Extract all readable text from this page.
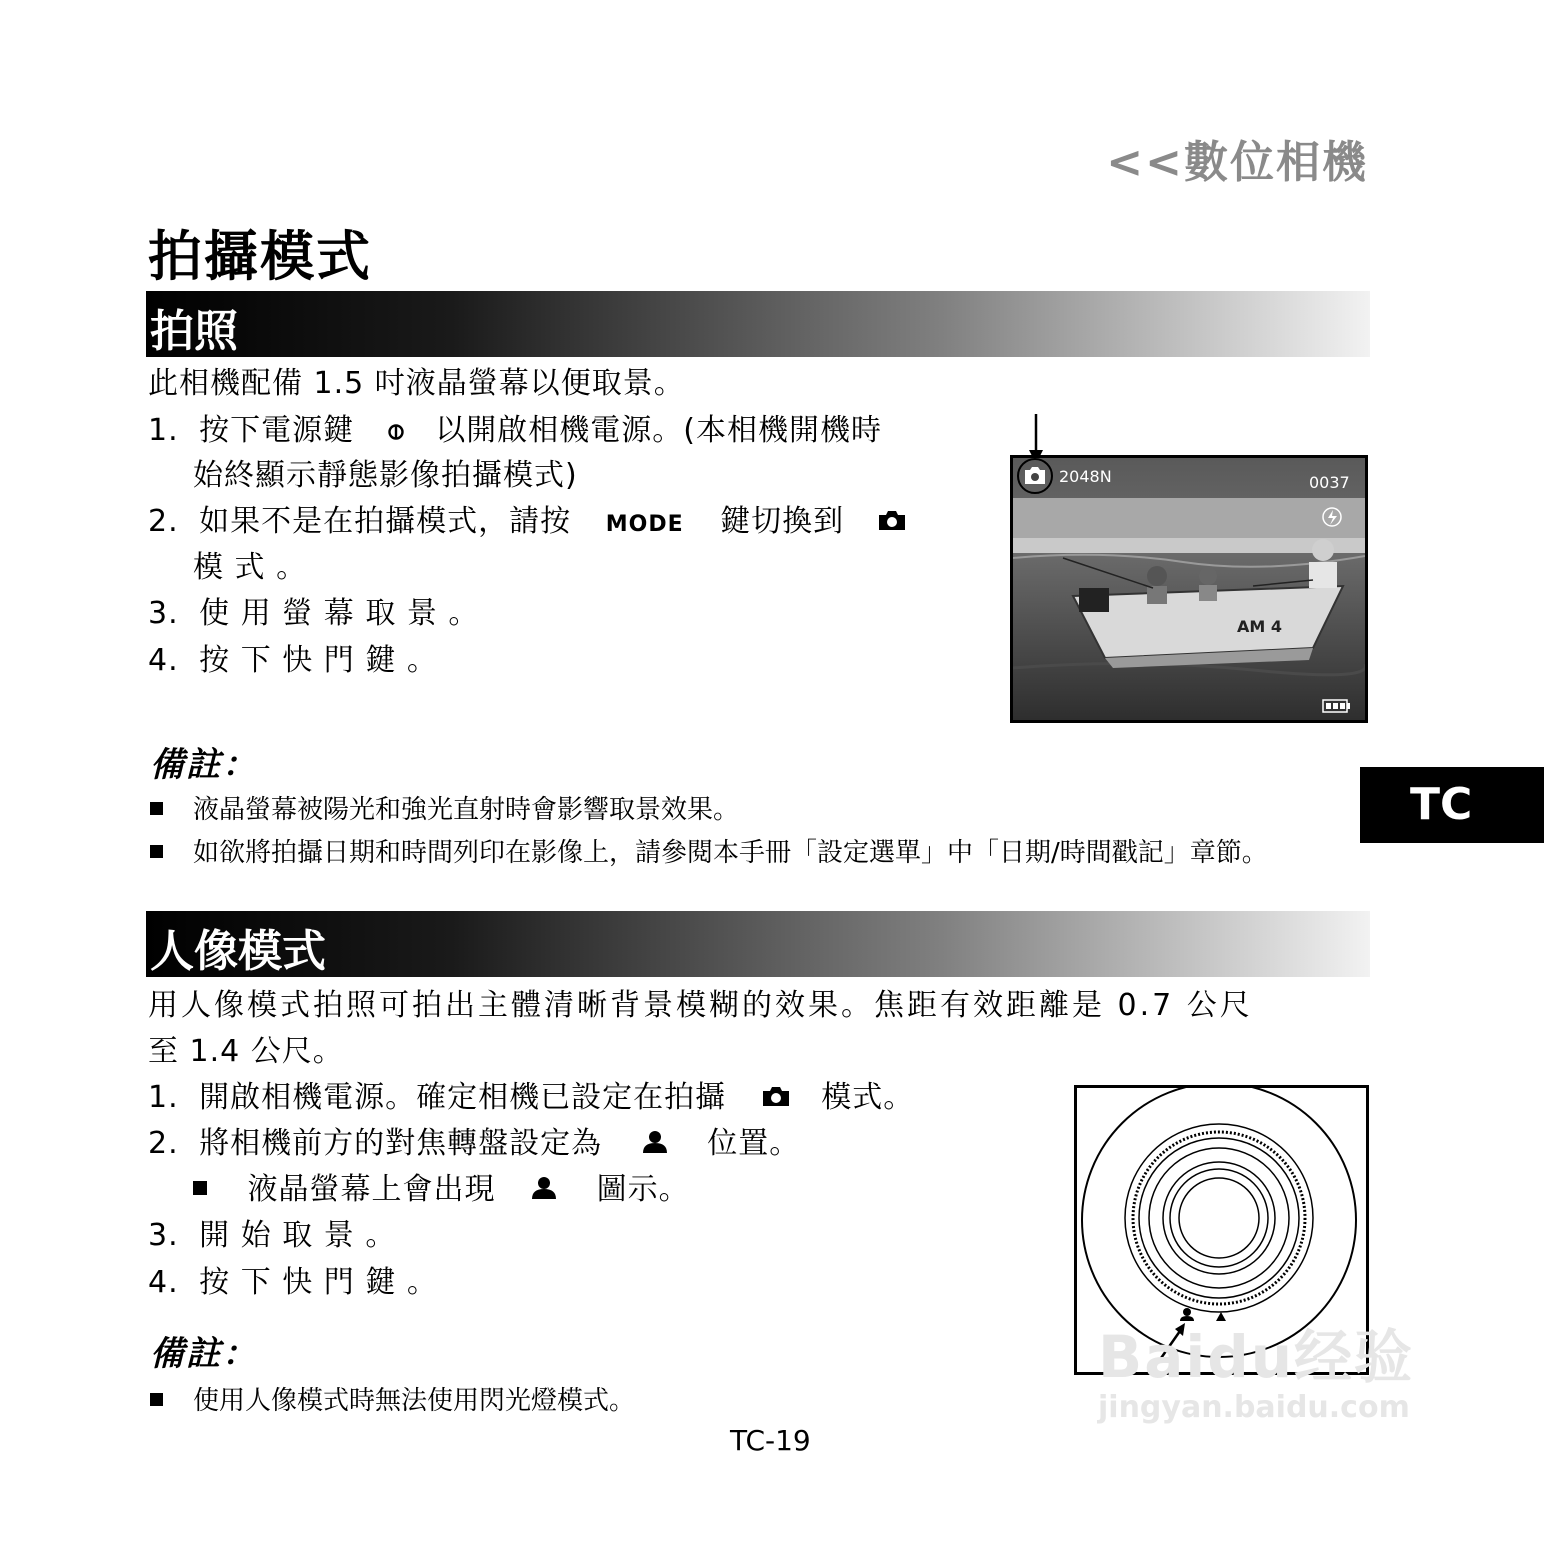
<<數位相機
拍攝模式
拍照
此相機配備 1.5 吋液晶螢幕以便取景。
1. 按下電源鍵	以開啟相機電源。(本相機開機時
始終顯示靜態影像拍攝模式)
2. 如果不是在拍攝模式，請按 MODE 鍵切換到
模 式 。
3. 使 用 螢 幕 取 景 。
4. 按 下 快 門 鍵 。
AM 4
2048N	0037
備註：
液晶螢幕被陽光和強光直射時會影響取景效果。
如欲將拍攝日期和時間列印在影像上，請參閱本手冊「設定選單」中「日期/時間戳記」章節。
TC
人像模式
用人像模式拍照可拍出主體清晰背景模糊的效果。焦距有效距離是 0.7 公尺
至 1.4 公尺。
1. 開啟相機電源。確定相機已設定在拍攝	模式。
2. 將相機前方的對焦轉盤設定為	位置。
液晶螢幕上會出現	圖示。
3. 開 始 取 景 。
4. 按 下 快 門 鍵 。
備註：
使用人像模式時無法使用閃光燈模式。
TC-19
Baidu经验
jingyan.baidu.com
